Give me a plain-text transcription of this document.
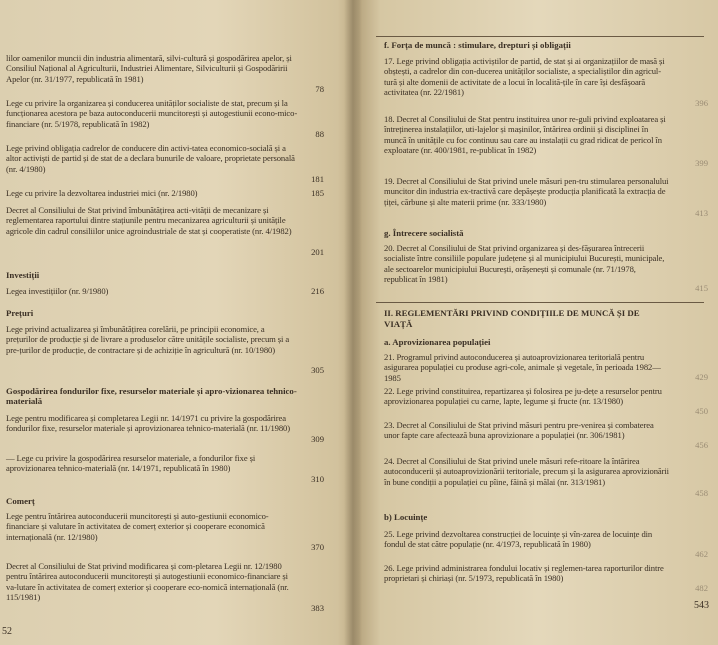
lilor oamenilor muncii din industria alimentară, silvi-cultură și gospodărirea apelor, și Consiliul Național al Agriculturii, Industriei Alimentare, Silviculturii și Gospodăririi Apelor (nr. 31/1977, republicată în 1981)
78
Lege cu privire la organizarea și conducerea unităților socialiste de stat, precum și la funcționarea acestora pe baza autoconducerii muncitorești și autogestiunii econo-mico-financiare (nr. 5/1978, republicată în 1982)
88
Lege privind obligația cadrelor de conducere din activi-tatea economico-socială și a altor activiști de partid și de stat de a declara bunurile de valoare, proprietate personală (nr. 4/1980)
181
Lege cu privire la dezvoltarea industriei mici (nr. 2/1980)	185
Decret al Consiliului de Stat privind îmbunătățirea acti-vității de mecanizare și reglementarea raportului dintre stațiunile pentru mecanizarea agriculturii și unitățile agricole din cadrul consiliilor unice agroindustriale de stat și cooperatiste (nr. 4/1982)
201
Investiții
Legea investițiilor (nr. 9/1980)	216
Prețuri
Lege privind actualizarea și îmbunătățirea corelării, pe principii economice, a prețurilor de producție și de livrare a produselor către unitățile socialiste, precum și a pre-țurilor de producție, de contractare și de achiziție în agricultură (nr. 10/1980)
305
Gospodărirea fondurilor fixe, resurselor materiale și apro-vizionarea tehnico-materială
Lege pentru modificarea și completarea Legii nr. 14/1971 cu privire la gospodărirea fondurilor fixe, resurselor materiale și aprovizionarea tehnico-materială (nr. 11/1980)
309
— Lege cu privire la gospodărirea resurselor materiale, a fondurilor fixe și aprovizionarea tehnico-materială (nr. 14/1971, republicată în 1980)
310
Comerț
Lege pentru întărirea autoconducerii muncitorești și auto-gestiunii economico-financiare și valutare în activitatea de comerț exterior și cooperare economică internațională (nr. 12/1980)
370
Decret al Consiliului de Stat privind modificarea și com-pletarea Legii nr. 12/1980 pentru întărirea autoconducerii muncitorești și autogestiunii economico-financiare și va-lutare în activitatea de comerț exterior și cooperare eco-nomică internațională (nr. 115/1981)
383
52
f. Forța de muncă : stimulare, drepturi și obligații
17. Lege privind obligația activiștilor de partid, de stat și ai organizațiilor de masă și obștești, a cadrelor din con-ducerea unităților socialiste, a specialiștilor din agricul-tură și alte domenii de activitate de a locui în localită-țile în care își desfășoară activitatea (nr. 22/1981)
396
18. Decret al Consiliului de Stat pentru instituirea unor re-guli privind exploatarea și întreținerea instalațiilor, uti-lajelor și mașinilor, întărirea ordinii și disciplinei în muncă în unitățile cu foc continuu sau care au instalații cu grad ridicat de pericol în exploatare (nr. 400/1981, re-publicat în 1982)
399
19. Decret al Consiliului de Stat privind unele măsuri pen-tru stimularea personalului muncitor din industria ex-tractivă care depășește producția planificată la extracția de țiței, cărbune și alte materii prime (nr. 333/1980)
413
g. Întrecere socialistă
20. Decret al Consiliului de Stat privind organizarea și des-fășurarea întrecerii socialiste între consiliile populare județene și al municipiului București, municipale, ale sectoarelor municipiului București, orășenești și comunale (nr. 71/1978, republicat în 1981)
415
II. REGLEMENTĂRI PRIVIND CONDIȚIILE DE MUNCĂ ȘI DE VIAȚĂ
a. Aprovizionarea populației
21. Programul privind autoconducerea și autoaprovizionarea teritorială pentru asigurarea populației cu produse agri-cole, animale și vegetale, în perioada 1982—1985	429
22. Lege privind constituirea, repartizarea și folosirea pe ju-dețe a resurselor pentru aprovizionarea populației cu carne, lapte, legume și fructe (nr. 13/1980)
450
23. Decret al Consiliului de Stat privind măsuri pentru pre-venirea și combaterea unor fapte care afectează buna aprovizionare a populației (nr. 306/1981)
456
24. Decret al Consiliului de Stat privind unele măsuri refe-ritoare la întărirea autoconducerii și autoaprovizionării teritoriale, precum și la asigurarea aprovizionării în bune condiții a populației cu pîine, făină și mălai (nr. 313/1981)
458
b) Locuințe
25. Lege privind dezvoltarea construcției de locuințe și vîn-zarea de locuințe din fondul de stat către populație (nr. 4/1973, republicată în 1980)
462
26. Lege privind administrarea fondului locativ și reglemen-tarea raporturilor dintre proprietari și chiriași (nr. 5/1973, republicată în 1980)
482
543
